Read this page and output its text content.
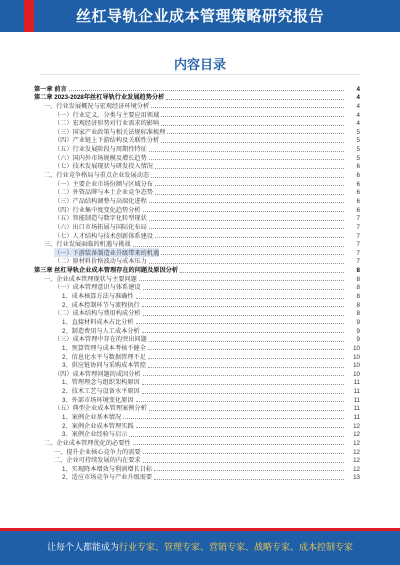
丝杠导轨企业成本管理策略研究报告
内容目录
第一章 前言	4
第二章 2023-2028年丝杠导轨行业发展趋势分析	4
一、行业发展概况与宏观经济环境分析	4
（一）行业定义、分类与主要应用领域	4
（二）宏观经济形势对行业需求的影响	4
（三）国家产业政策与相关法规标准梳理	5
（四）产业链上下游结构及关联性分析	5
（五）行业发展阶段与周期性特征	5
（六）国内外市场规模及增长趋势	5
（七）技术发展现状与研发投入情况	6
二、行业竞争格局与重点企业发展动态	6
（一）主要企业市场份额与区域分布	6
（二）外资品牌与本土企业竞争态势	6
（三）产品结构调整与高端化进程	6
（四）行业集中度变化趋势分析	6
（五）智能制造与数字化转型现状	7
（六）出口市场拓展与国际化布局	7
（七）人才结构与技术创新体系建设	7
三、行业发展面临的机遇与挑战	7
（一）下游装备制造业升级带来的机遇	7
（二）原材料价格波动与成本压力	7
第三章 丝杠导轨企业成本管理存在的问题及原因分析	8
一、企业成本管理现状与主要问题	8
（一）成本管理意识与体系建设	8
1、成本核算方法与准确性	8
2、成本控制环节与流程执行	8
（二）成本结构与费用构成分析	8
1、直接材料成本占比分析	9
2、制造费用与人工成本分析	9
（三）成本管理中存在的突出问题	9
1、预算管理与成本考核不健全	10
2、信息化水平与数据管理不足	10
3、供应链协同与采购成本管控	10
（四）成本管理问题的成因分析	10
1、管理理念与组织架构原因	11
2、技术工艺与设备水平原因	11
3、外部市场环境变化原因	11
（五）典型企业成本管理案例分析	11
1、案例企业基本情况	11
2、案例企业成本管理实践	12
3、案例企业经验与启示	12
二、企业成本管理优化的必要性	12
一、提升企业核心竞争力的需要	12
二、企业可持续发展的内在要求	12
1、实现降本增效与利润增长目标	12
2、适应市场竞争与产业升级需要	13
让每个人都能成为行业专家、管理专家、营销专家、战略专家、成本控制专家
